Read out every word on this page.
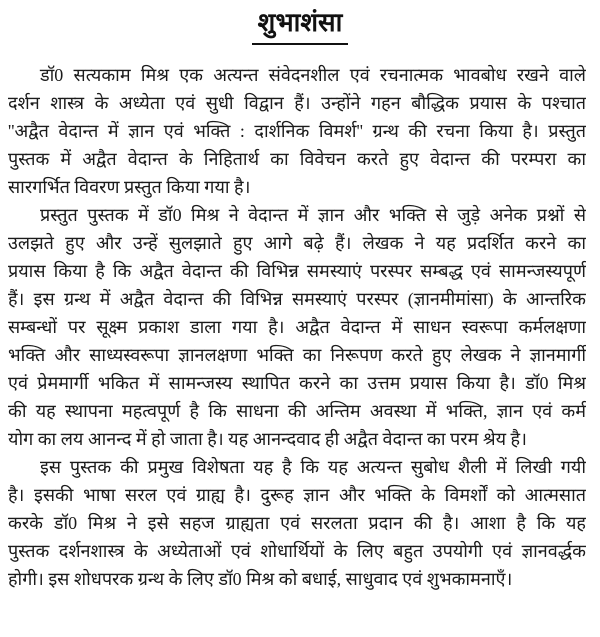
शुभाशंसा
डॉ0 सत्यकाम मिश्र एक अत्यन्त संवेदनशील एवं रचनात्मक भावबोध रखने वाले
दर्शन शास्त्र के अध्येता एवं सुधी विद्वान हैं। उन्होंने गहन बौद्धिक प्रयास के पश्चात
''अद्वैत वेदान्त में ज्ञान एवं भक्ति : दार्शनिक विमर्श'' ग्रन्थ की रचना किया है। प्रस्तुत
पुस्तक में अद्वैत वेदान्त के निहितार्थ का विवेचन करते हुए वेदान्त की परम्परा का
सारगर्भित विवरण प्रस्तुत किया गया है।
प्रस्तुत पुस्तक में डॉ0 मिश्र ने वेदान्त में ज्ञान और भक्ति से जुड़े अनेक प्रश्नों से
उलझते हुए और उन्हें सुलझाते हुए आगे बढ़े हैं। लेखक ने यह प्रदर्शित करने का
प्रयास किया है कि अद्वैत वेदान्त की विभिन्न समस्याएं परस्पर सम्बद्ध एवं सामन्जस्यपूर्ण
हैं। इस ग्रन्थ में अद्वैत वेदान्त की विभिन्न समस्याएं परस्पर (ज्ञानमीमांसा) के आन्तरिक
सम्बन्धों पर सूक्ष्म प्रकाश डाला गया है। अद्वैत वेदान्त में साधन स्वरूपा कर्मलक्षणा
भक्ति और साध्यस्वरूपा ज्ञानलक्षणा भक्ति का निरूपण करते हुए लेखक ने ज्ञानमार्गी
एवं प्रेममार्गी भकित में सामन्जस्य स्थापित करने का उत्तम प्रयास किया है। डॉ0 मिश्र
की यह स्थापना महत्वपूर्ण है कि साधना की अन्तिम अवस्था में भक्ति, ज्ञान एवं कर्म
योग का लय आनन्द में हो जाता है। यह आनन्दवाद ही अद्वैत वेदान्त का परम श्रेय है।
इस पुस्तक की प्रमुख विशेषता यह है कि यह अत्यन्त सुबोध शैली में लिखी गयी
है। इसकी भाषा सरल एवं ग्राह्य है। दुरूह ज्ञान और भक्ति के विमर्शों को आत्मसात
करके डॉ0 मिश्र ने इसे सहज ग्राह्यता एवं सरलता प्रदान की है। आशा है कि यह
पुस्तक दर्शनशास्त्र के अध्येताओं एवं शोधार्थियों के लिए बहुत उपयोगी एवं ज्ञानवर्द्धक
होगी। इस शोधपरक ग्रन्थ के लिए डॉ0 मिश्र को बधाई, साधुवाद एवं शुभकामनाएँ।
